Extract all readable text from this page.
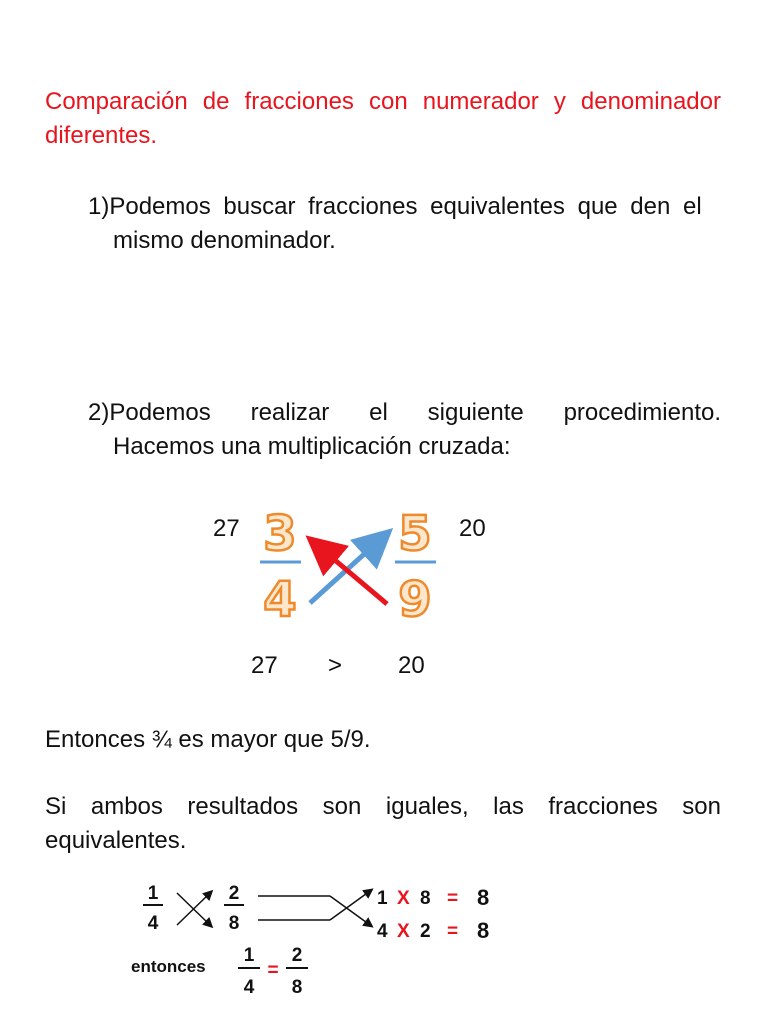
Comparación de fracciones con numerador y denominador diferentes.
1)Podemos buscar fracciones equivalentes que den el
mismo denominador.
2)Podemos realizar el siguiente procedimiento.
Hacemos una multiplicación cruzada:
27	20
3
4
5
9
27 > 20
Entonces ¾ es mayor que 5/9.
Si ambos resultados son iguales, las fracciones son
equivalentes.
1
4
2
8
1 X 8 = 8
4 X 2 = 8
entonces
1
4
=
2
8
